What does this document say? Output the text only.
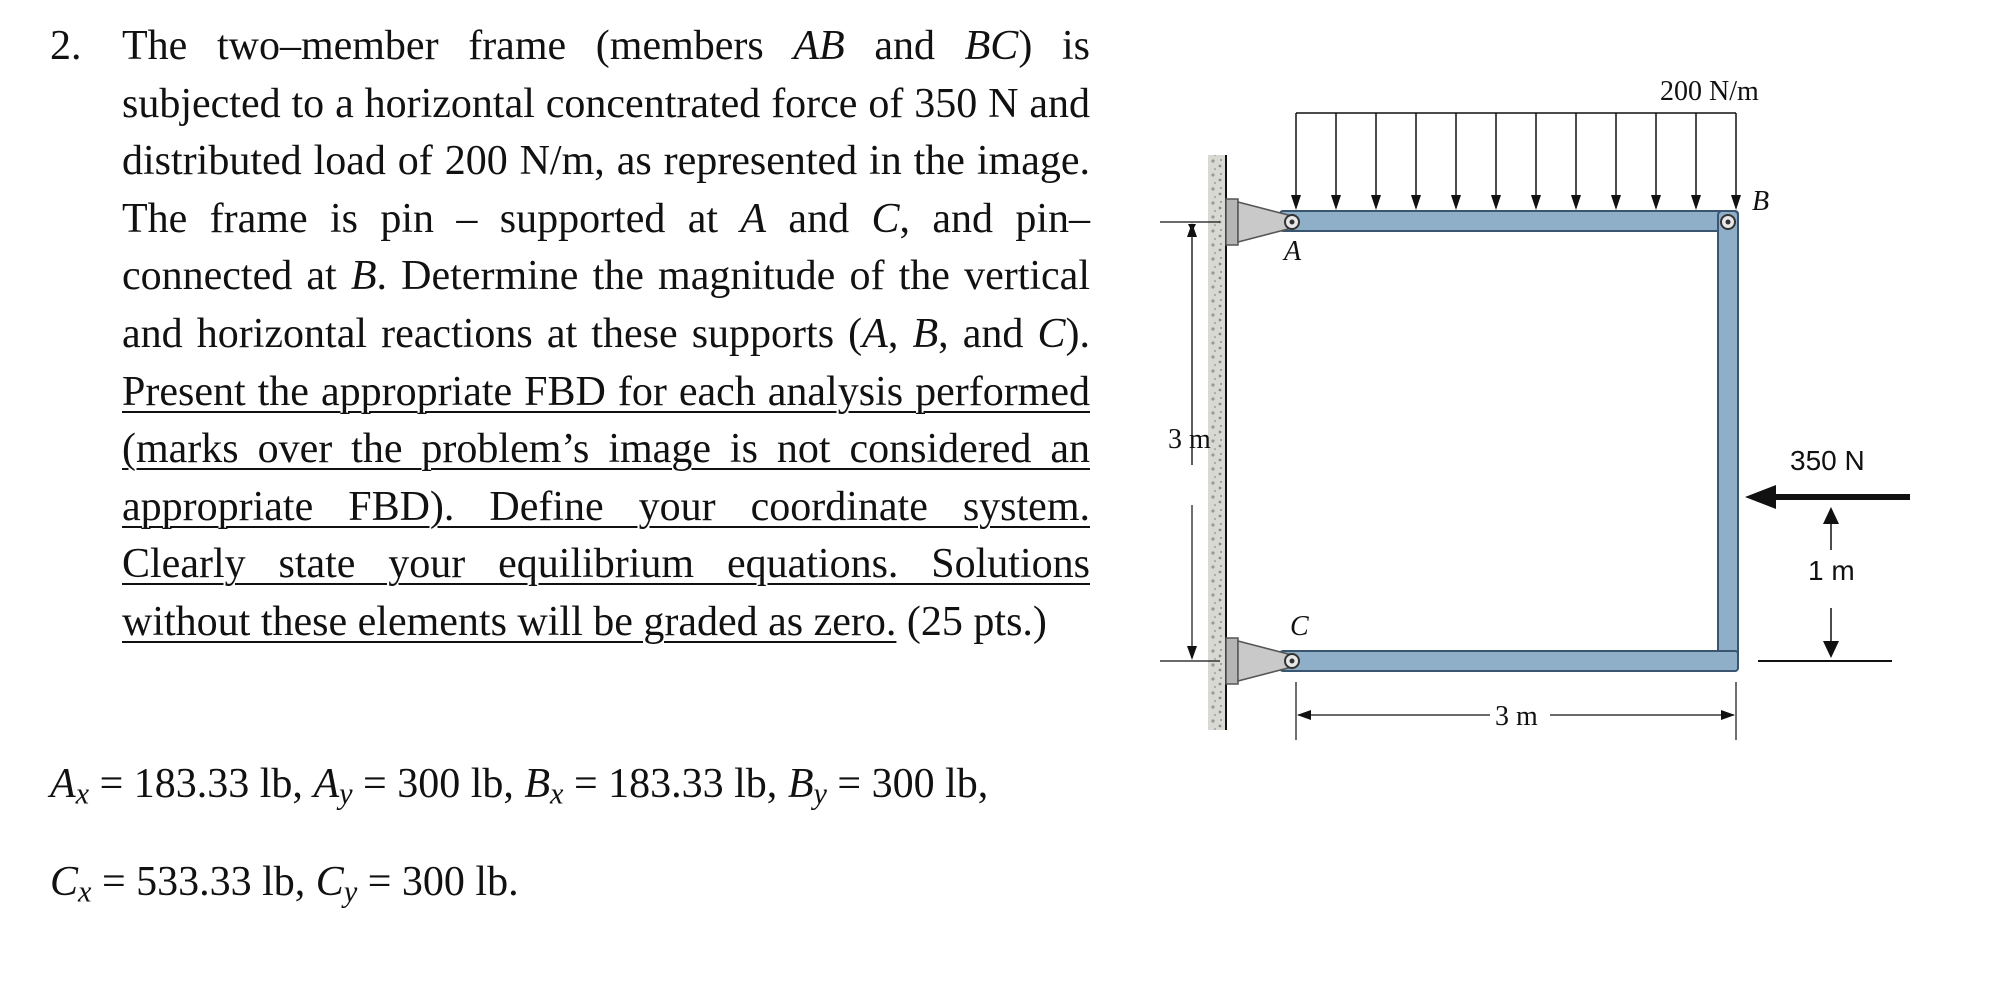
2. The two–member frame (members AB and BC) is subjected to a horizontal concentrated force of 350 N and distributed load of 200 N/m, as represented in the image. The frame is pin – supported at A and C, and pin–connected at B. Determine the magnitude of the vertical and horizontal reactions at these supports (A, B, and C). Present the appropriate FBD for each analysis performed (marks over the problem’s image is not considered an appropriate FBD). Define your coordinate system. Clearly state your equilibrium equations. Solutions without these elements will be graded as zero. (25 pts.)
$A_x = 183.33$ lb, $A_y = 300$ lb, $B_x = 183.33$ lb, $B_y = 300$ lb,
$C_x = 533.33$ lb, $C_y = 300$ lb.
200 N/m
A
B
C
3 m
3 m
350 N
1 m
